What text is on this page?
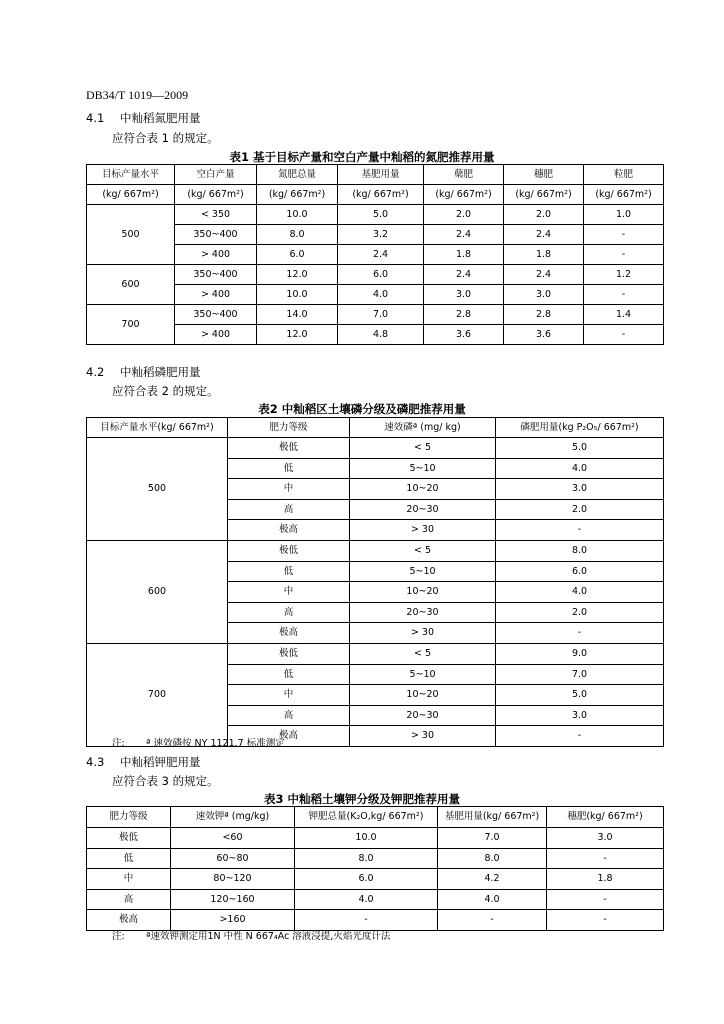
DB34/T 1019—2009
4.1 中籼稻氮肥用量
应符合表 1 的规定。
表1 基于目标产量和空白产量中籼稻的氮肥推荐用量
目标产量水平	空白产量	氮肥总量	基肥用量	蘖肥	穗肥	粒肥
(kg/ 667m²)	(kg/ 667m²)	(kg/ 667m²)	(kg/ 667m²)	(kg/ 667m²)	(kg/ 667m²)	(kg/ 667m²)
500	< 350	10.0	5.0	2.0	2.0	1.0
	350~400	8.0	3.2	2.4	2.4	-
	> 400	6.0	2.4	1.8	1.8	-
600	350~400	12.0	6.0	2.4	2.4	1.2
	> 400	10.0	4.0	3.0	3.0	-
700	350~400	14.0	7.0	2.8	2.8	1.4
	> 400	12.0	4.8	3.6	3.6	-
4.2 中籼稻磷肥用量
应符合表 2 的规定。
表2 中籼稻区土壤磷分级及磷肥推荐用量
目标产量水平(kg/ 667m²)	肥力等级	速效磷ª (mg/ kg)	磷肥用量(kg P₂O₅/ 667m²)
500	极低	< 5	5.0
	低	5~10	4.0
	中	10~20	3.0
	高	20~30	2.0
	极高	> 30	-
600	极低	< 5	8.0
	低	5~10	6.0
	中	10~20	4.0
	高	20~30	2.0
	极高	> 30	-
700	极低	< 5	9.0
	低	5~10	7.0
	中	10~20	5.0
	高	20~30	3.0
	极高	> 30	-
注: ª 速效磷按 NY 1121.7 标准测定
4.3 中籼稻钾肥用量
应符合表 3 的规定。
表3 中籼稻土壤钾分级及钾肥推荐用量
肥力等级	速效钾ª (mg/kg)	钾肥总量(K₂O,kg/ 667m²)	基肥用量(kg/ 667m²)	穗肥(kg/ 667m²)
极低	<60	10.0	7.0	3.0
低	60~80	8.0	8.0	-
中	80~120	6.0	4.2	1.8
高	120~160	4.0	4.0	-
极高	>160	-	-	-
注: ª速效钾测定用1N 中性 N 667₄Ac 溶液浸提,火焰光度计法
